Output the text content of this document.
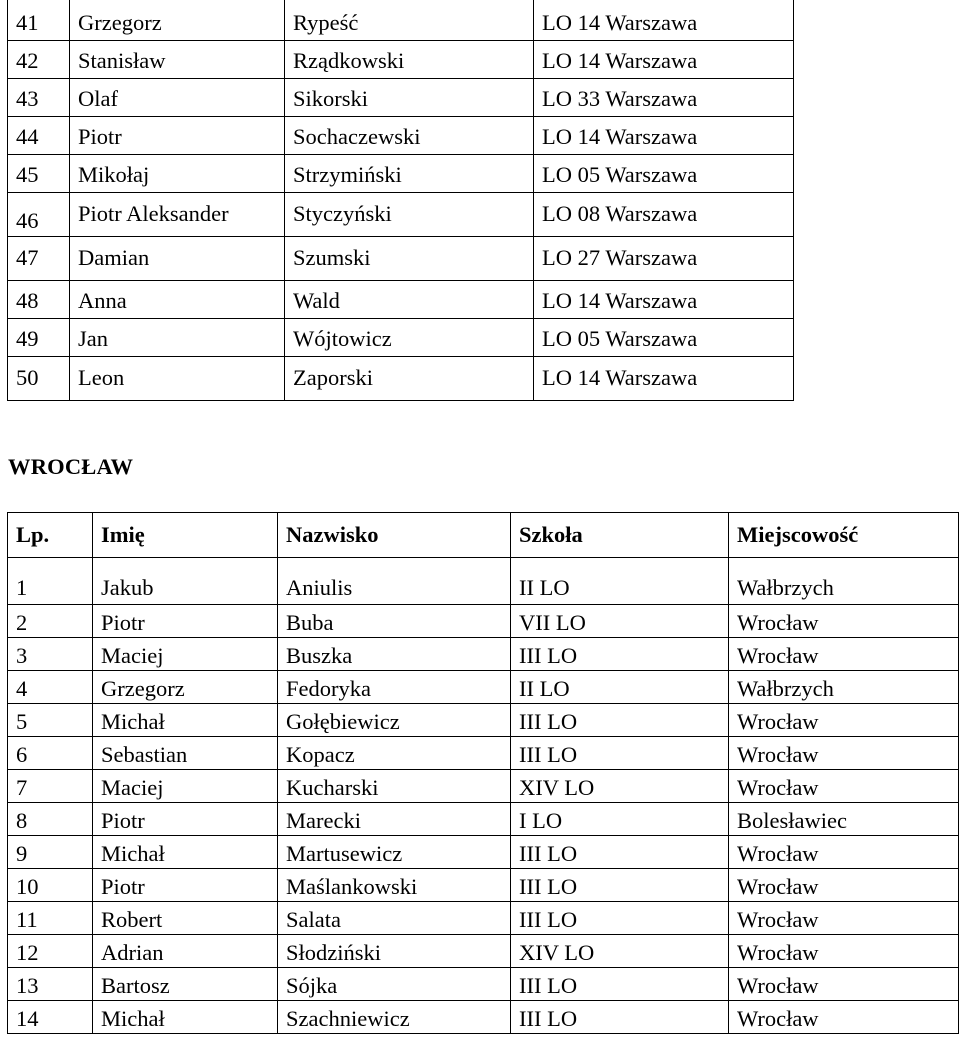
41	Grzegorz	Rypeść	LO 14 Warszawa
42	Stanisław	Rządkowski	LO 14 Warszawa
43	Olaf	Sikorski	LO 33 Warszawa
44	Piotr	Sochaczewski	LO 14 Warszawa
45	Mikołaj	Strzymiński	LO 05 Warszawa
46	Piotr Aleksander	Styczyński	LO 08 Warszawa
47	Damian	Szumski	LO 27 Warszawa
48	Anna	Wald	LO 14 Warszawa
49	Jan	Wójtowicz	LO 05 Warszawa
50	Leon	Zaporski	LO 14 Warszawa
WROCŁAW
Lp.	Imię	Nazwisko	Szkoła	Miejscowość
1	Jakub	Aniulis	II LO	Wałbrzych
2	Piotr	Buba	VII LO	Wrocław
3	Maciej	Buszka	III LO	Wrocław
4	Grzegorz	Fedoryka	II LO	Wałbrzych
5	Michał	Gołębiewicz	III LO	Wrocław
6	Sebastian	Kopacz	III LO	Wrocław
7	Maciej	Kucharski	XIV LO	Wrocław
8	Piotr	Marecki	I LO	Bolesławiec
9	Michał	Martusewicz	III LO	Wrocław
10	Piotr	Maślankowski	III LO	Wrocław
11	Robert	Salata	III LO	Wrocław
12	Adrian	Słodziński	XIV LO	Wrocław
13	Bartosz	Sójka	III LO	Wrocław
14	Michał	Szachniewicz	III LO	Wrocław
